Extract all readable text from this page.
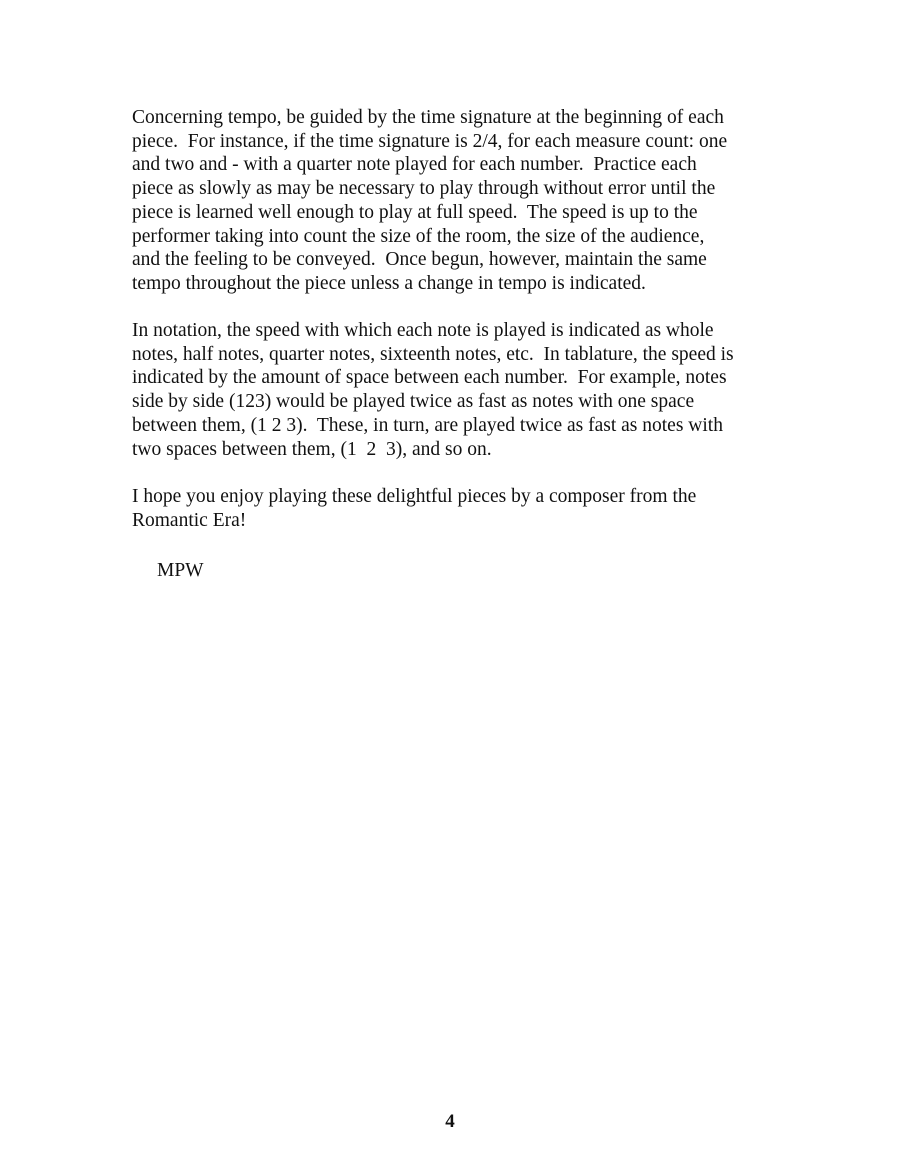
Concerning tempo, be guided by the time signature at the beginning of each
piece.  For instance, if the time signature is 2/4, for each measure count: one
and two and - with a quarter note played for each number.  Practice each
piece as slowly as may be necessary to play through without error until the
piece is learned well enough to play at full speed.  The speed is up to the
performer taking into count the size of the room, the size of the audience,
and the feeling to be conveyed.  Once begun, however, maintain the same
tempo throughout the piece unless a change in tempo is indicated.

In notation, the speed with which each note is played is indicated as whole
notes, half notes, quarter notes, sixteenth notes, etc.  In tablature, the speed is
indicated by the amount of space between each number.  For example, notes
side by side (123) would be played twice as fast as notes with one space
between them, (1 2 3).  These, in turn, are played twice as fast as notes with
two spaces between them, (1  2  3), and so on.

I hope you enjoy playing these delightful pieces by a composer from the
Romantic Era!

MPW

4
